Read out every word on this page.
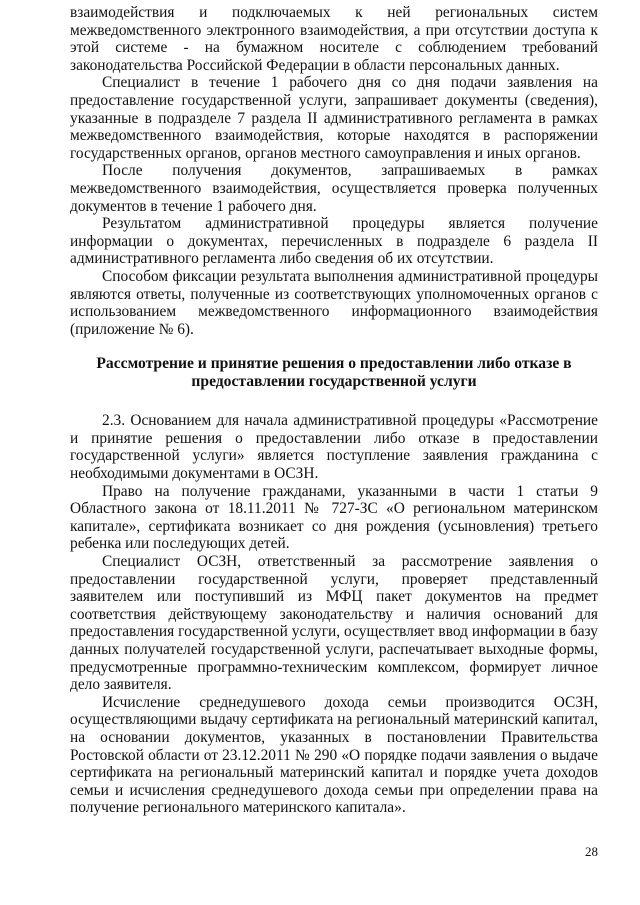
взаимодействия и подключаемых к ней региональных систем межведомственного электронного взаимодействия, а при отсутствии доступа к этой системе - на бумажном носителе с соблюдением требований законодательства Российской Федерации в области персональных данных.

Специалист в течение 1 рабочего дня со дня подачи заявления на предоставление государственной услуги, запрашивает документы (сведения), указанные в подразделе 7 раздела II административного регламента в рамках межведомственного взаимодействия, которые находятся в распоряжении государственных органов, органов местного самоуправления и иных органов.

После получения документов, запрашиваемых в рамках межведомственного взаимодействия, осуществляется проверка полученных документов в течение 1 рабочего дня.

Результатом административной процедуры является получение информации о документах, перечисленных в подразделе 6 раздела II административного регламента либо сведения об их отсутствии.

Способом фиксации результата выполнения административной процедуры являются ответы, полученные из соответствующих уполномоченных органов с использованием межведомственного информационного взаимодействия (приложение № 6).

Рассмотрение и принятие решения о предоставлении либо отказе в предоставлении государственной услуги

2.3. Основанием для начала административной процедуры «Рассмотрение и принятие решения о предоставлении либо отказе в предоставлении государственной услуги» является поступление заявления гражданина с необходимыми документами в ОСЗН.

Право на получение гражданами, указанными в части 1 статьи 9 Областного закона от 18.11.2011 № 727-ЗС «О региональном материнском капитале», сертификата возникает со дня рождения (усыновления) третьего ребенка или последующих детей.

Специалист ОСЗН, ответственный за рассмотрение заявления о предоставлении государственной услуги, проверяет представленный заявителем или поступивший из МФЦ пакет документов на предмет соответствия действующему законодательству и наличия оснований для предоставления государственной услуги, осуществляет ввод информации в базу данных получателей государственной услуги, распечатывает выходные формы, предусмотренные программно-техническим комплексом, формирует личное дело заявителя.

Исчисление среднедушевого дохода семьи производится ОСЗН, осуществляющими выдачу сертификата на региональный материнский капитал, на основании документов, указанных в постановлении Правительства Ростовской области от 23.12.2011 № 290 «О порядке подачи заявления о выдаче сертификата на региональный материнский капитал и порядке учета доходов семьи и исчисления среднедушевого дохода семьи при определении права на получение регионального материнского капитала».

28
